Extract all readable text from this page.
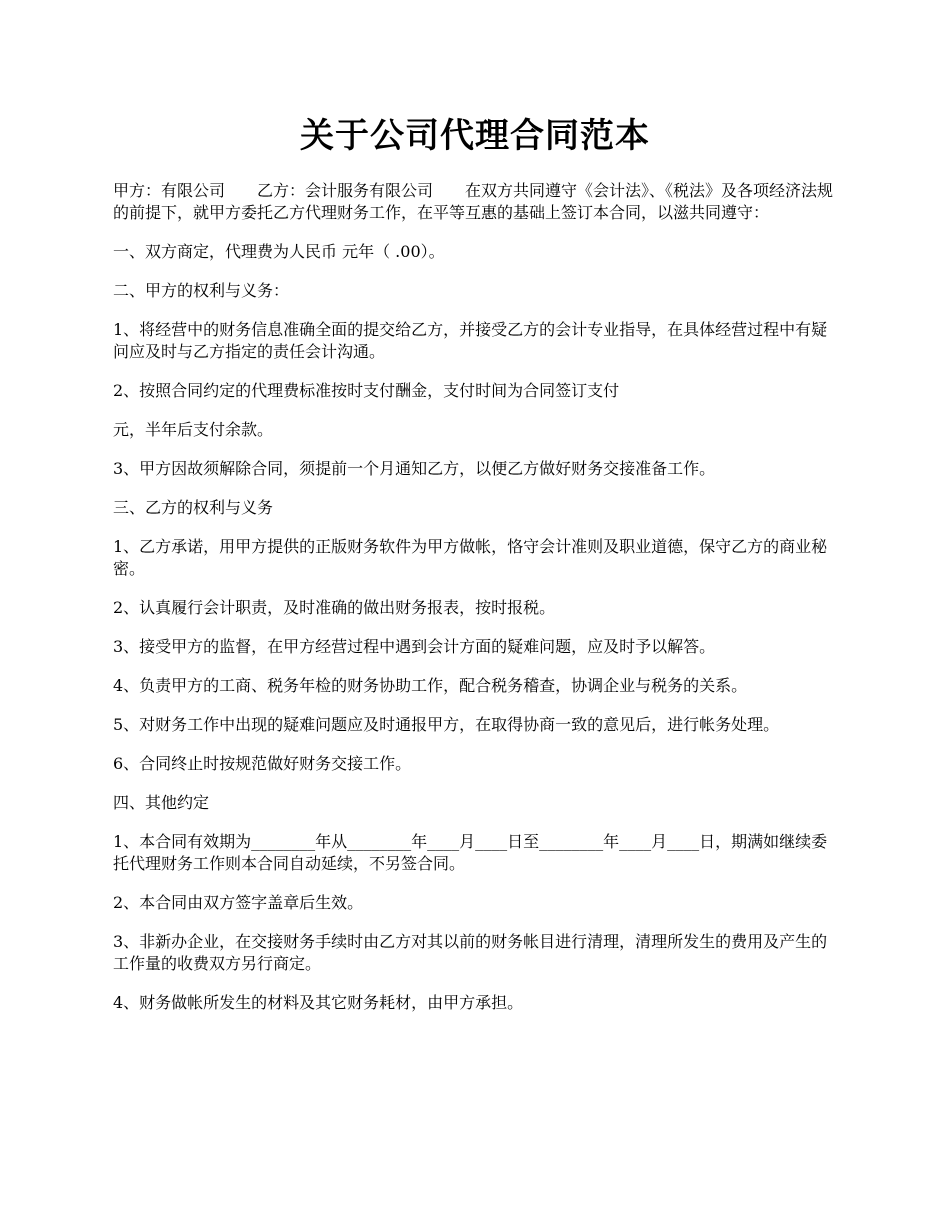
关于公司代理合同范本

甲方：有限公司　　乙方：会计服务有限公司　　在双方共同遵守《会计法》、《税法》及各项经济法规的前提下，就甲方委托乙方代理财务工作，在平等互惠的基础上签订本合同，以滋共同遵守：

一、双方商定，代理费为人民币 元年（ .00）。

二、甲方的权利与义务：

1、将经营中的财务信息准确全面的提交给乙方，并接受乙方的会计专业指导，在具体经营过程中有疑问应及时与乙方指定的责任会计沟通。

2、按照合同约定的代理费标准按时支付酬金，支付时间为合同签订支付

元，半年后支付余款。

3、甲方因故须解除合同，须提前一个月通知乙方，以便乙方做好财务交接准备工作。

三、乙方的权利与义务

1、乙方承诺，用甲方提供的正版财务软件为甲方做帐，恪守会计准则及职业道德，保守乙方的商业秘密。

2、认真履行会计职责，及时准确的做出财务报表，按时报税。

3、接受甲方的监督，在甲方经营过程中遇到会计方面的疑难问题，应及时予以解答。

4、负责甲方的工商、税务年检的财务协助工作，配合税务稽查，协调企业与税务的关系。

5、对财务工作中出现的疑难问题应及时通报甲方，在取得协商一致的意见后，进行帐务处理。

6、合同终止时按规范做好财务交接工作。

四、其他约定

1、本合同有效期为________年从________年____月____日至________年____月____日，期满如继续委托代理财务工作则本合同自动延续，不另签合同。

2、本合同由双方签字盖章后生效。

3、非新办企业，在交接财务手续时由乙方对其以前的财务帐目进行清理，清理所发生的费用及产生的工作量的收费双方另行商定。

4、财务做帐所发生的材料及其它财务耗材，由甲方承担。
